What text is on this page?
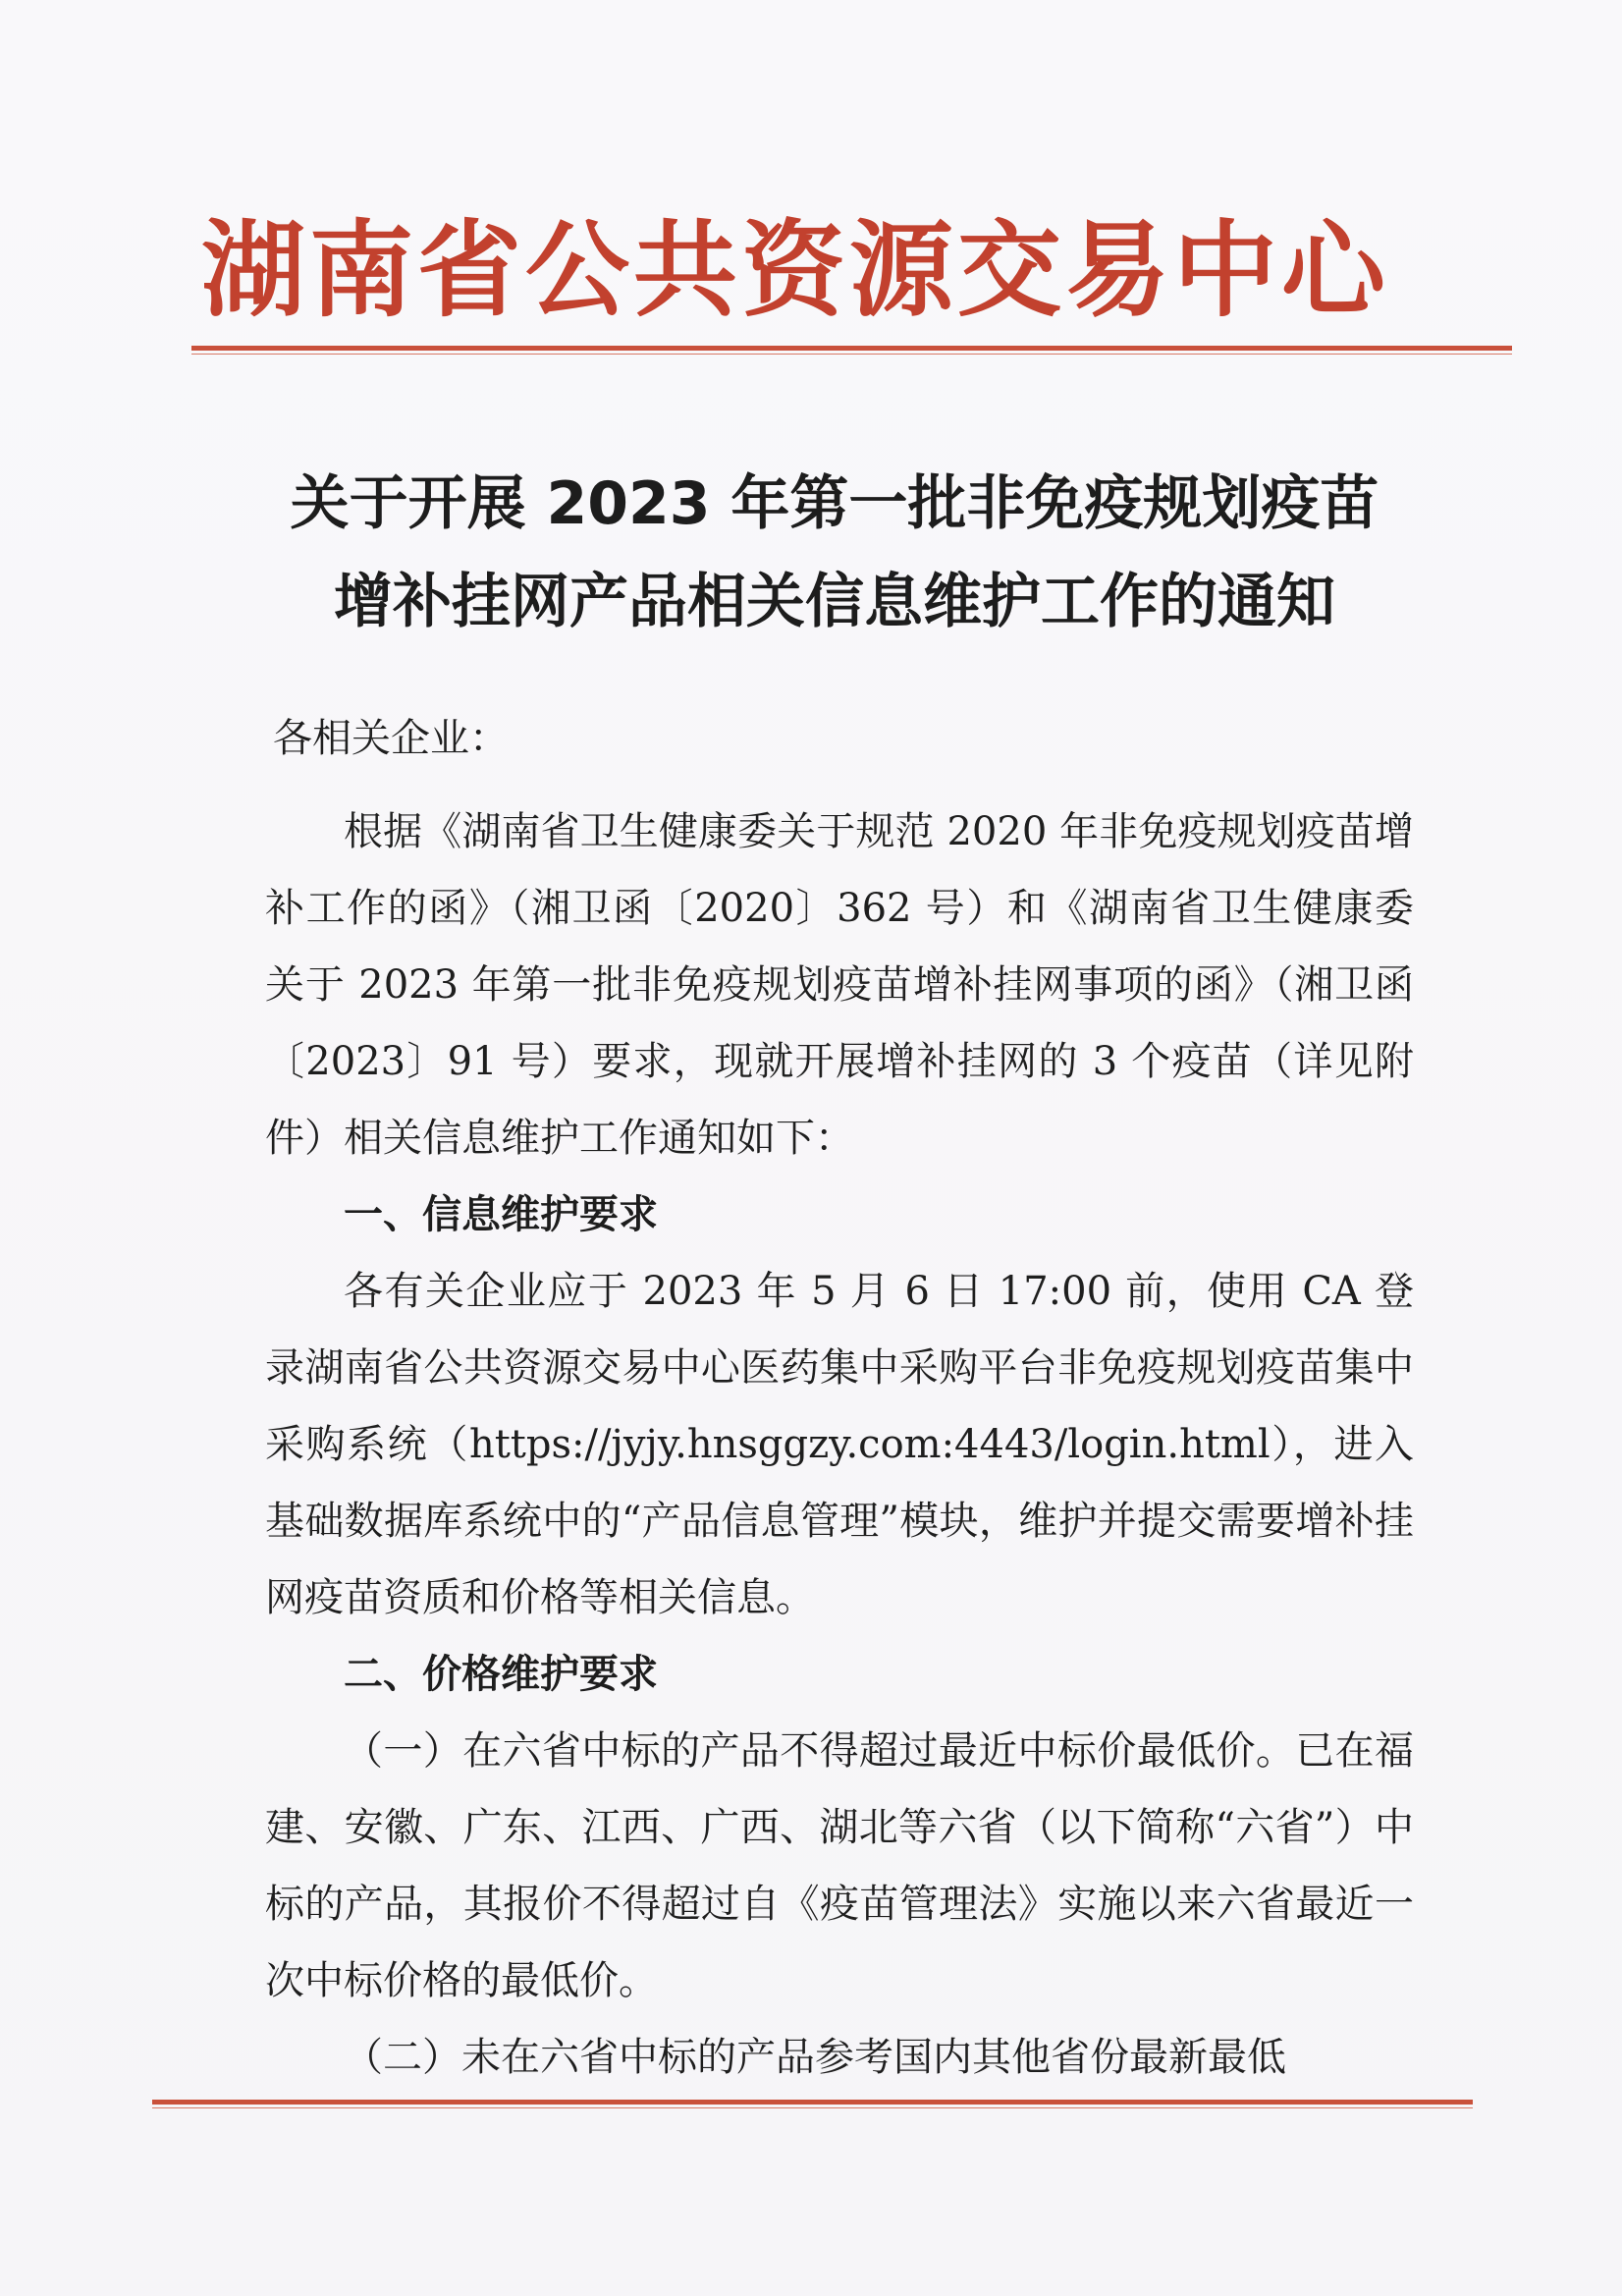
湖南省公共资源交易中心
关于开展 2023 年第一批非免疫规划疫苗
增补挂网产品相关信息维护工作的通知
各相关企业：

根据《湖南省卫生健康委关于规范 2020 年非免疫规划疫苗增补工作的函》（湘卫函〔2020〕362 号）和《湖南省卫生健康委关于 2023 年第一批非免疫规划疫苗增补挂网事项的函》（湘卫函〔2023〕91 号）要求，现就开展增补挂网的 3 个疫苗（详见附件）相关信息维护工作通知如下：

一、信息维护要求

各有关企业应于 2023 年 5 月 6 日 17:00 前，使用 CA 登录湖南省公共资源交易中心医药集中采购平台非免疫规划疫苗集中采购系统（https://jyjy.hnsggzy.com:4443/login.html），进入基础数据库系统中的“产品信息管理”模块，维护并提交需要增补挂网疫苗资质和价格等相关信息。

二、价格维护要求

（一）在六省中标的产品不得超过最近中标价最低价。已在福建、安徽、广东、江西、广西、湖北等六省（以下简称“六省”）中标的产品，其报价不得超过自《疫苗管理法》实施以来六省最近一次中标价格的最低价。

（二）未在六省中标的产品参考国内其他省份最新最低
